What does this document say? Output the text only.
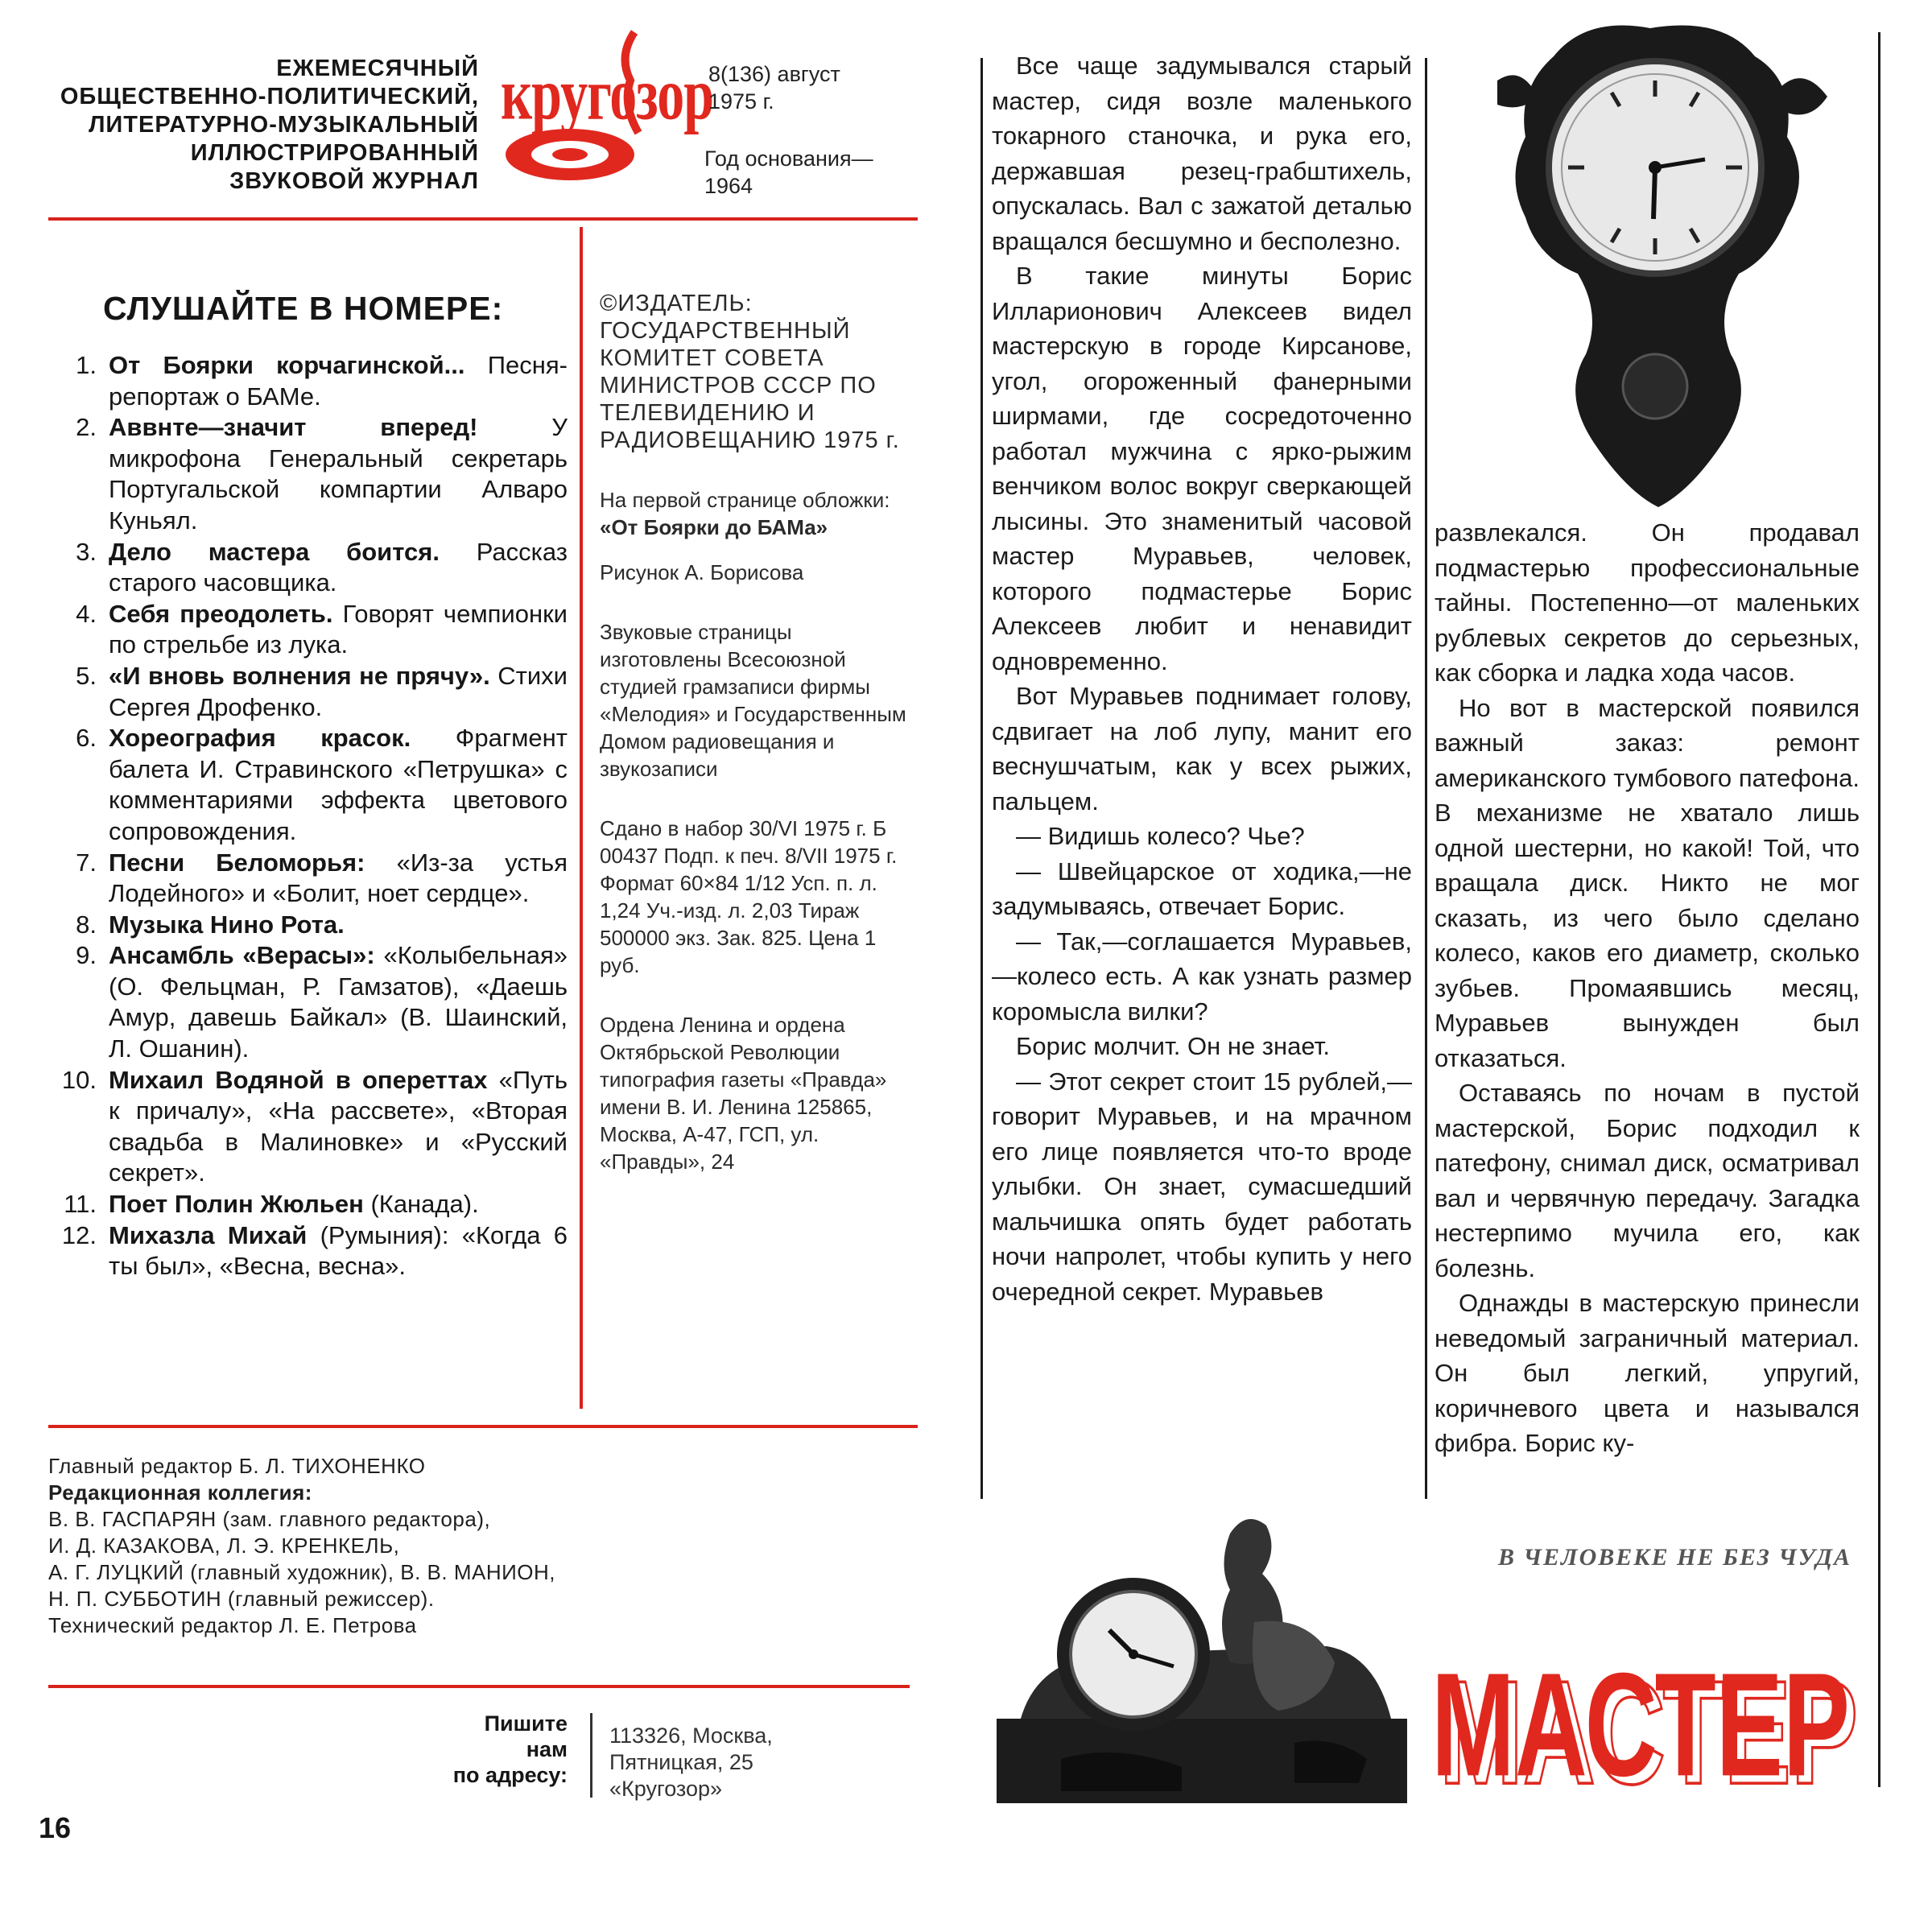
ЕЖЕМЕСЯЧНЫЙ
ОБЩЕСТВЕННО-ПОЛИТИЧЕСКИЙ,
ЛИТЕРАТУРНО-МУЗЫКАЛЬНЫЙ
ИЛЛЮСТРИРОВАННЫЙ
ЗВУКОВОЙ ЖУРНАЛ
кругозор
8(136) август
1975 г.
Год основания—
1964
СЛУШАЙТЕ В НОМЕРЕ:
1. От Боярки корчагинской... Песня-репортаж о БАМе.
2. Аввнте—значит вперед!	У микрофона Генеральный секретарь Португальской компартии Алваро Куньял.
3. Дело мастера боится. Рассказ старого часовщика.
4. Себя преодолеть. Говорят чемпионки по стрельбе из лука.
5. «И вновь волнения не прячу». Стихи Сергея Дрофенко.
6. Хореография красок. Фрагмент балета И. Стравинского «Петрушка» с комментариями эффекта цветового сопровождения.
7. Песни Беломорья: «Из-за устья Лодейного» и «Болит, ноет сердце».
8. Музыка Нино Рота.
9. Ансамбль «Верасы»: «Колыбельная» (О. Фельцман, Р. Гамзатов), «Даешь Амур, давешь Байкал» (В. Шаинский, Л. Ошанин).
10. Михаил Водяной в опереттах «Путь к причалу», «На рассвете», «Вторая свадьба в Малиновке» и «Русский секрет».
11. Поет Полин Жюльен (Канада).
12. Михазла Михай (Румыния): «Когда 6 ты был», «Весна, весна».

©ИЗДАТЕЛЬ: ГОСУДАРСТВЕННЫЙ КОМИТЕТ СОВЕТА МИНИСТРОВ СССР ПО ТЕЛЕВИДЕНИЮ И РАДИОВЕЩАНИЮ 1975 г.

На первой странице обложки:
«От Боярки до БАМа»

Рисунок А. Борисова

Звуковые страницы изготовлены Всесоюзной студией грамзаписи фирмы «Мелодия» и Государственным Домом радиовещания и звукозаписи

Сдано в набор 30/VI 1975 г. Б 00437 Подп. к печ. 8/VII 1975 г. Формат 60×84 1/12 Усп. п. л. 1,24 Уч.-изд. л. 2,03 Тираж 500000 экз. Зак. 825. Цена 1 руб.

Ордена Ленина и ордена Октябрьской Революции типография газеты «Правда» имени В. И. Ленина 125865, Москва, А-47, ГСП, ул. «Правды», 24

Главный редактор Б. Л. ТИХОНЕНКО
Редакционная коллегия:
В. В. ГАСПАРЯН (зам. главного редактора),
И. Д. КАЗАКОВА, Л. Э. КРЕНКЕЛЬ,
А. Г. ЛУЦКИЙ (главный художник), В. В. МАНИОН,
Н. П. СУББОТИН (главный режиссер).
Технический редактор Л. Е. Петрова
Пишите
нам
по адресу:
113326, Москва,
Пятницкая, 25
«Кругозор»
16

Все чаще задумывался старый мастер, сидя возле маленького токарного станочка, и рука его, державшая резец-грабштихель, опускалась. Вал с зажатой деталью вращался бесшумно и бесполезно.

В такие минуты Борис Илларионович Алексеев видел мастерскую в городе Кирсанове, угол, огороженный фанерными ширмами, где сосредоточенно работал мужчина с ярко-рыжим венчиком волос вокруг сверкающей лысины. Это знаменитый часовой мастер Муравьев, человек, которого подмастерье Борис Алексеев любит и ненавидит одновременно.

Вот Муравьев поднимает голову, сдвигает на лоб лупу, манит его веснушчатым, как у всех рыжих, пальцем.

— Видишь колесо? Чье?

— Швейцарское от ходика,—не задумываясь, отвечает Борис.

— Так,—соглашается Муравьев,—колесо есть. А как узнать размер коромысла вилки?

Борис молчит. Он не знает.

— Этот секрет стоит 15 рублей,—говорит Муравьев, и на мрачном его лице появляется что-то вроде улыбки. Он знает, сумасшедший мальчишка опять будет работать ночи напролет, чтобы купить у него очередной секрет. Муравьев

развлекался. Он продавал подмастерью профессиональные тайны. Постепенно—от маленьких рублевых секретов до серьезных, как сборка и ладка хода часов.

Но вот в мастерской появился важный заказ: ремонт американского тумбового патефона. В механизме не хватало лишь одной шестерни, но какой! Той, что вращала диск. Никто не мог сказать, из чего было сделано колесо, каков его диаметр, сколько зубьев. Промаявшись месяц, Муравьев вынужден был отказаться.

Оставаясь по ночам в пустой мастерской, Борис подходил к патефону, снимал диск, осматривал вал и червячную передачу. Загадка нестерпимо мучила его, как болезнь.

Однажды в мастерскую принесли неведомый заграничный материал. Он был легкий, упругий, коричневого цвета и назывался фибра. Борис ку-

В ЧЕЛОВЕКЕ НЕ БЕЗ ЧУДА
МАСТЕР
МАСТЕР
